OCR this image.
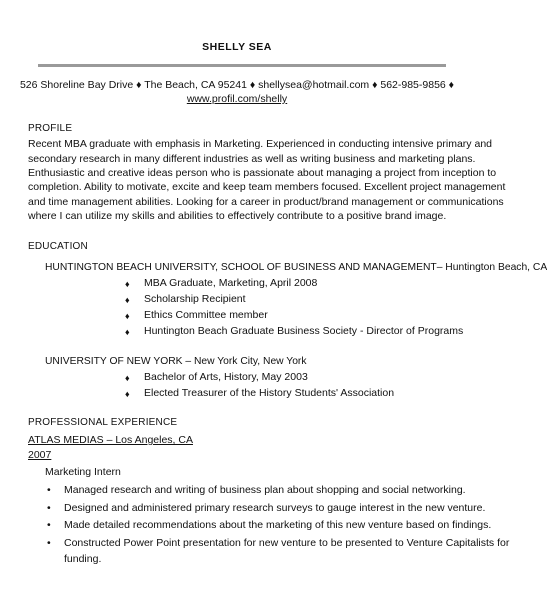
SHELLY SEA
526 Shoreline Bay Drive ♦ The Beach, CA 95241 ♦ shellysea@hotmail.com ♦ 562-985-9856 ♦
www.profil.com/shelly
PROFILE
Recent MBA graduate with emphasis in Marketing. Experienced in conducting intensive primary and
secondary research in many different industries as well as writing business and marketing plans.
Enthusiastic and creative ideas person who is passionate about managing a project from inception to
completion. Ability to motivate, excite and keep team members focused. Excellent project management
and time management abilities. Looking for a career in product/brand management or communications
where I can utilize my skills and abilities to effectively contribute to a positive brand image.
EDUCATION
HUNTINGTON BEACH UNIVERSITY, SCHOOL OF BUSINESS AND MANAGEMENT– Huntington Beach, CA
♦ MBA Graduate, Marketing, April 2008
♦ Scholarship Recipient
♦ Ethics Committee member
♦ Huntington Beach Graduate Business Society - Director of Programs
UNIVERSITY OF NEW YORK – New York City, New York
♦ Bachelor of Arts, History, May 2003
♦ Elected Treasurer of the History Students' Association
PROFESSIONAL EXPERIENCE
ATLAS MEDIAS – Los Angeles, CA
2007
Marketing Intern
• Managed research and writing of business plan about shopping and social networking.
• Designed and administered primary research surveys to gauge interest in the new venture.
• Made detailed recommendations about the marketing of this new venture based on findings.
• Constructed Power Point presentation for new venture to be presented to Venture Capitalists for
funding.
